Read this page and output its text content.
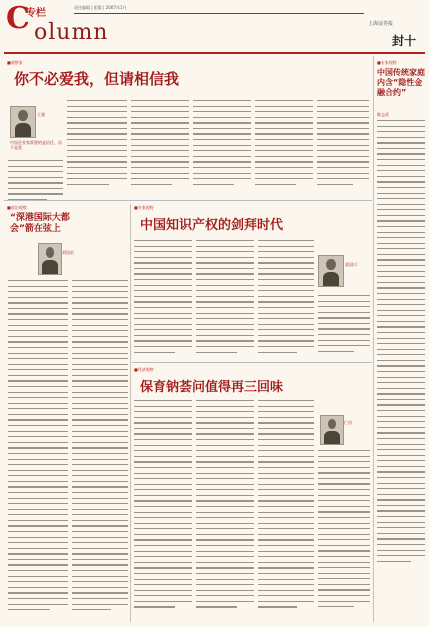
专栏
C olumn
责任编辑 | 组版 | 2007年1月
上海证券报
封十
■观察家
你不必爱我，但请相信我
王骏
中国企业家需要的是信任，而不是爱
■专家视野
中国传统家庭内含“隐性金融合约”
陈志武
■前沿观察
“深港国际大都会”箭在弦上
刘国宏
■专家视野
中国知识产权的剑拜时代
姜国川
■经济观察
保育钠荟问值得再三回味
仁田
